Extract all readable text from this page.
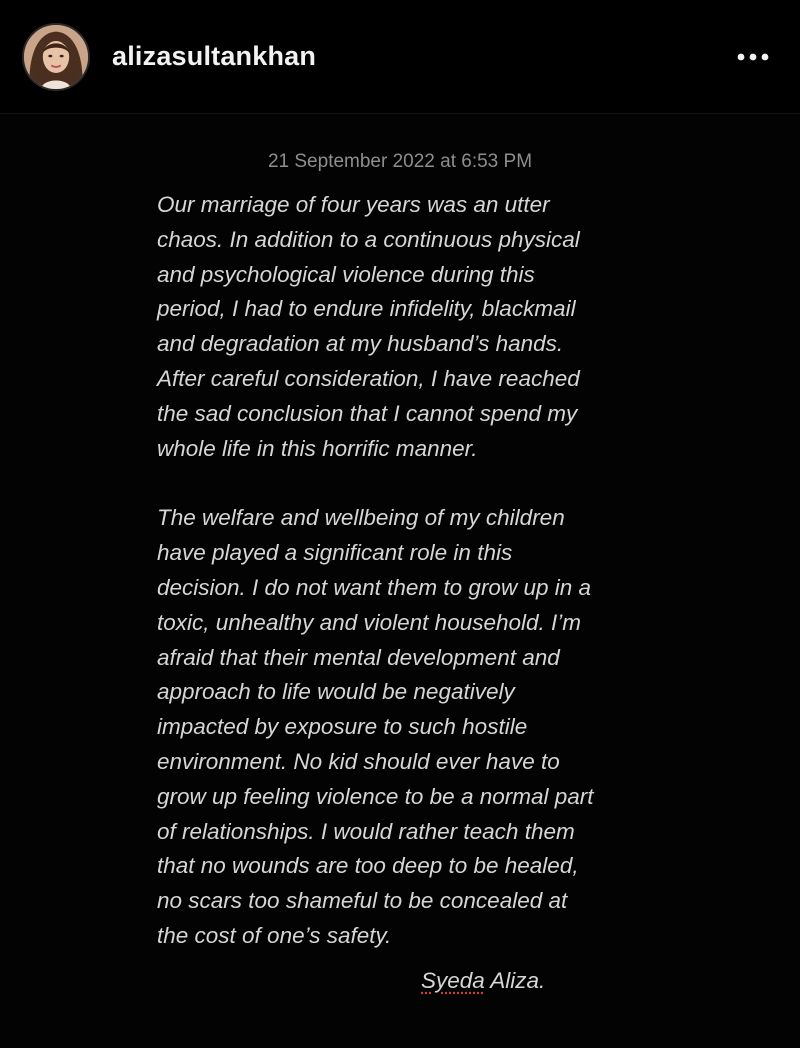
alizasultankhan
21 September 2022 at 6:53 PM
Our marriage of four years was an utter
chaos. In addition to a continuous physical
and psychological violence during this
period, I had to endure infidelity, blackmail
and degradation at my husband’s hands.
After careful consideration, I have reached
the sad conclusion that I cannot spend my
whole life in this horrific manner.
The welfare and wellbeing of my children
have played a significant role in this
decision. I do not want them to grow up in a
toxic, unhealthy and violent household. I’m
afraid that their mental development and
approach to life would be negatively
impacted by exposure to such hostile
environment. No kid should ever have to
grow up feeling violence to be a normal part
of relationships. I would rather teach them
that no wounds are too deep to be healed,
no scars too shameful to be concealed at
the cost of one’s safety.
Syeda Aliza.
